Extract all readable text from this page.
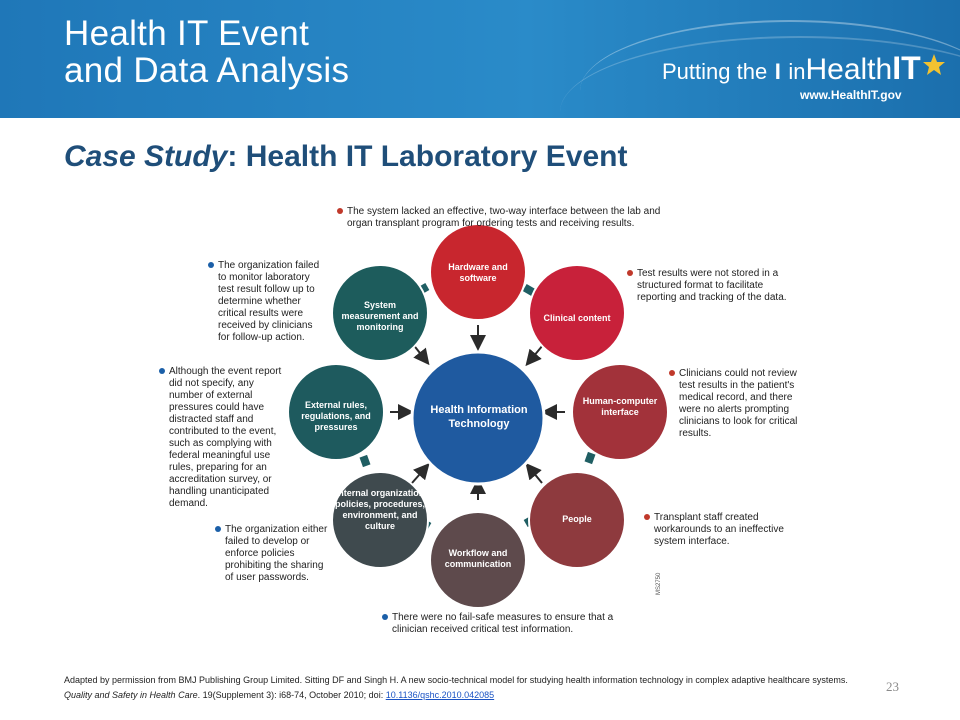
Health IT Event
and Data Analysis	Putting the I inHealthIT
www.HealthIT.gov
Case Study: Health IT Laboratory Event
Hardware and software
Clinical content
Human-computer interface
People
Workflow and communication
Internal organization policies, procedures, environment, and culture
External rules, regulations, and pressures
System measurement and monitoring
Health Information Technology
MS2750
The system lacked an effective, two-way interface between the lab and organ transplant program for ordering tests and receiving results.
Test results were not stored in a structured format to facilitate reporting and tracking of the data.
Clinicians could not review test results in the patient's medical record, and there were no alerts prompting clinicians to look for critical results.
Transplant staff created workarounds to an ineffective system interface.
There were no fail-safe measures to ensure that a clinician received critical test information.
The organization either failed to develop or enforce policies prohibiting the sharing of user passwords.
Although the event report did not specify, any number of external pressures could have distracted staff and contributed to the event, such as complying with federal meaningful use rules, preparing for an accreditation survey, or handling unanticipated demand.
The organization failed to monitor laboratory test result follow up to determine whether critical results were received by clinicians for follow-up action.
Adapted by permission from BMJ Publishing Group Limited. Sitting DF and Singh H. A new socio-technical model for studying health information technology in complex adaptive healthcare systems. Quality and Safety in Health Care. 19(Supplement 3): i68-74, October 2010; doi: 10.1136/qshc.2010.042085
23
